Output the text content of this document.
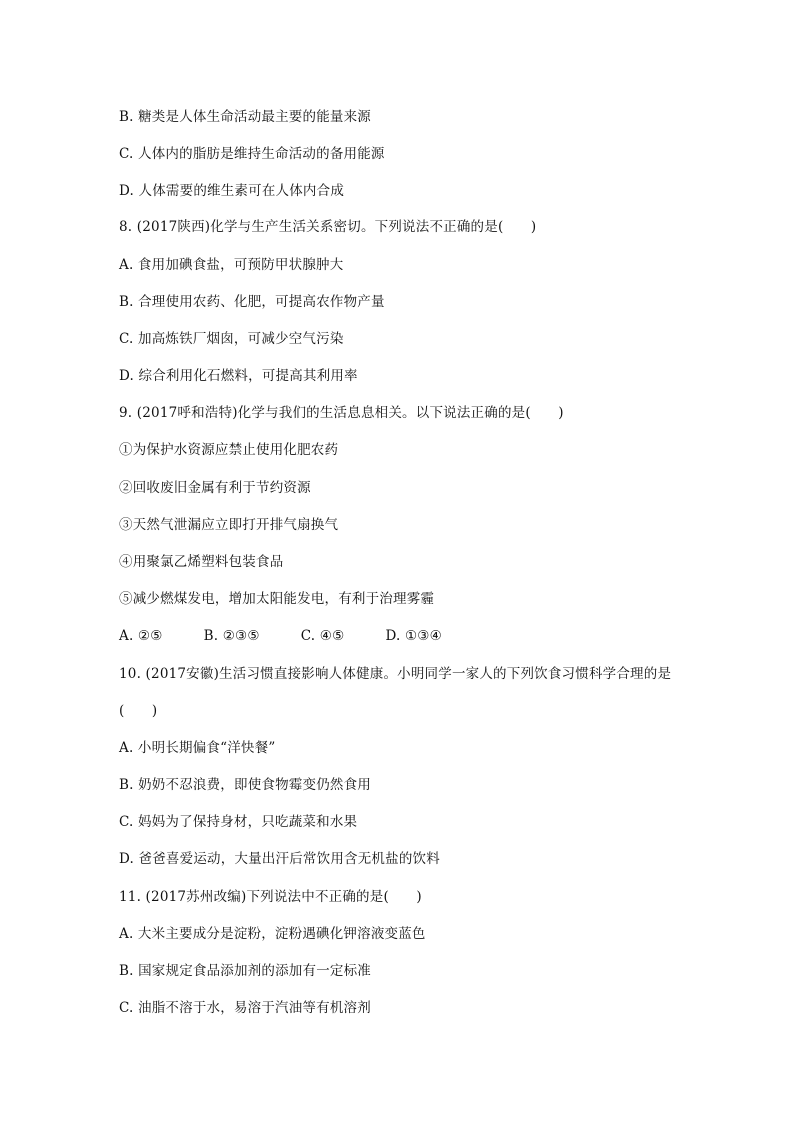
B. 糖类是人体生命活动最主要的能量来源
C. 人体内的脂肪是维持生命活动的备用能源
D. 人体需要的维生素可在人体内合成
8. (2017陕西)化学与生产生活关系密切。下列说法不正确的是(　　)
A. 食用加碘食盐，可预防甲状腺肿大
B. 合理使用农药、化肥，可提高农作物产量
C. 加高炼铁厂烟囱，可减少空气污染
D. 综合利用化石燃料，可提高其利用率
9. (2017呼和浩特)化学与我们的生活息息相关。以下说法正确的是(　　)
①为保护水资源应禁止使用化肥农药
②回收废旧金属有利于节约资源
③天然气泄漏应立即打开排气扇换气
④用聚氯乙烯塑料包装食品
⑤减少燃煤发电，增加太阳能发电，有利于治理雾霾
A. ②⑤　　　B. ②③⑤　　　C. ④⑤　　　D. ①③④
10. (2017安徽)生活习惯直接影响人体健康。小明同学一家人的下列饮食习惯科学合理的是
(　　)
A. 小明长期偏食“洋快餐”
B. 奶奶不忍浪费，即使食物霉变仍然食用
C. 妈妈为了保持身材，只吃蔬菜和水果
D. 爸爸喜爱运动，大量出汗后常饮用含无机盐的饮料
11. (2017苏州改编)下列说法中不正确的是(　　)
A. 大米主要成分是淀粉，淀粉遇碘化钾溶液变蓝色
B. 国家规定食品添加剂的添加有一定标准
C. 油脂不溶于水，易溶于汽油等有机溶剂
